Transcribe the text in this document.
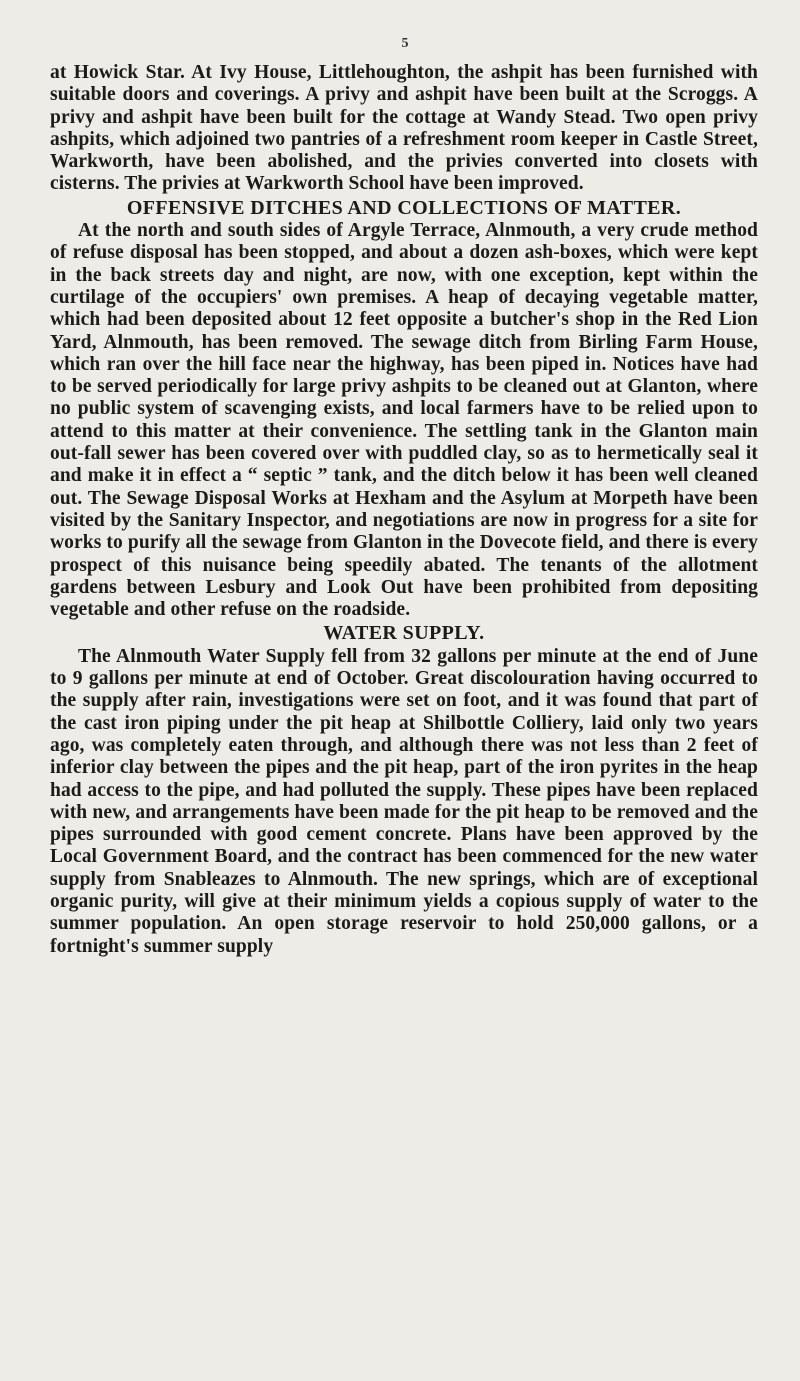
5

at Howick Star. At Ivy House, Littlehoughton, the ashpit has been furnished with suitable doors and coverings. A privy and ashpit have been built at the Scroggs. A privy and ashpit have been built for the cottage at Wandy Stead. Two open privy ashpits, which adjoined two pantries of a refreshment room keeper in Castle Street, Warkworth, have been abolished, and the privies converted into closets with cisterns. The privies at Warkworth School have been improved.

OFFENSIVE DITCHES AND COLLECTIONS OF MATTER.

At the north and south sides of Argyle Terrace, Alnmouth, a very crude method of refuse disposal has been stopped, and about a dozen ash-boxes, which were kept in the back streets day and night, are now, with one exception, kept within the curtilage of the occupiers' own premises. A heap of decaying vegetable matter, which had been deposited about 12 feet opposite a butcher's shop in the Red Lion Yard, Alnmouth, has been removed. The sewage ditch from Birling Farm House, which ran over the hill face near the highway, has been piped in. Notices have had to be served periodically for large privy ashpits to be cleaned out at Glanton, where no public system of scavenging exists, and local farmers have to be relied upon to attend to this matter at their convenience. The settling tank in the Glanton main out-fall sewer has been covered over with puddled clay, so as to hermetically seal it and make it in effect a “ septic ” tank, and the ditch below it has been well cleaned out. The Sewage Disposal Works at Hexham and the Asylum at Morpeth have been visited by the Sanitary Inspector, and negotiations are now in progress for a site for works to purify all the sewage from Glanton in the Dovecote field, and there is every prospect of this nuisance being speedily abated. The tenants of the allotment gardens between Lesbury and Look Out have been prohibited from depositing vegetable and other refuse on the roadside.

WATER SUPPLY.

The Alnmouth Water Supply fell from 32 gallons per minute at the end of June to 9 gallons per minute at end of October. Great discolouration having occurred to the supply after rain, investigations were set on foot, and it was found that part of the cast iron piping under the pit heap at Shilbottle Colliery, laid only two years ago, was completely eaten through, and although there was not less than 2 feet of inferior clay between the pipes and the pit heap, part of the iron pyrites in the heap had access to the pipe, and had polluted the supply. These pipes have been replaced with new, and arrangements have been made for the pit heap to be removed and the pipes surrounded with good cement concrete. Plans have been approved by the Local Government Board, and the contract has been commenced for the new water supply from Snableazes to Alnmouth. The new springs, which are of exceptional organic purity, will give at their minimum yields a copious supply of water to the summer population. An open storage reservoir to hold 250,000 gallons, or a fortnight's summer supply
